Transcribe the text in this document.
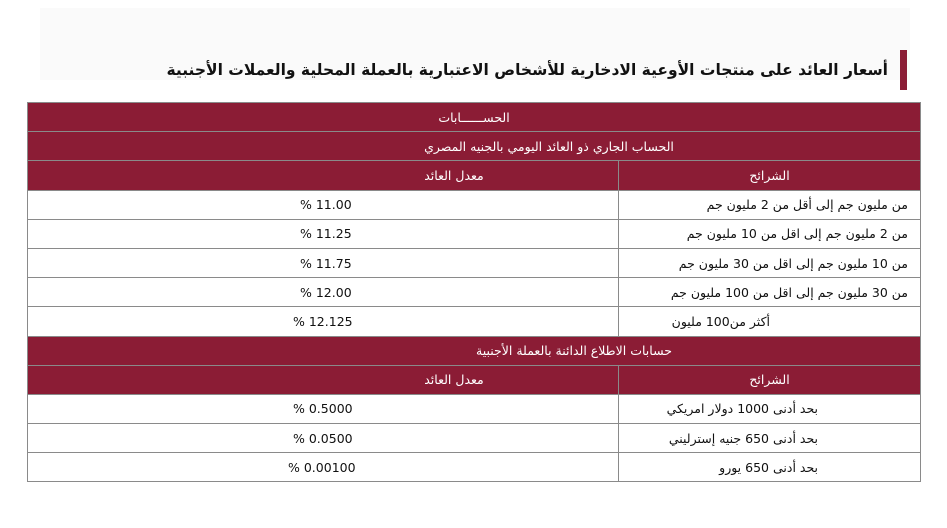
أسعار العائد على منتجات الأوعية الادخارية للأشخاص الاعتبارية بالعملة المحلية والعملات الأجنبية
الحســــــابات	
الحساب الجاري ذو العائد اليومي بالجنيه المصري	
الشرائح	معدل العائد
من مليون جم إلى أقل من 2 مليون جم	11.00 %
من 2 مليون جم إلى اقل من 10 مليون جم	11.25 %
من 10 مليون جم إلى اقل من 30 مليون جم	11.75 %
من 30 مليون جم إلى اقل من 100 مليون جم	12.00 %
أكثر من100 مليون	12.125 %
حسابات الاطلاع الدائنة بالعملة الأجنبية	
الشرائح	معدل العائد
بحد أدنى 1000 دولار امريكي	0.5000 %
بحد أدنى 650 جنيه إسترليني	0.0500 %
بحد أدنى 650 يورو	0.00100 %
